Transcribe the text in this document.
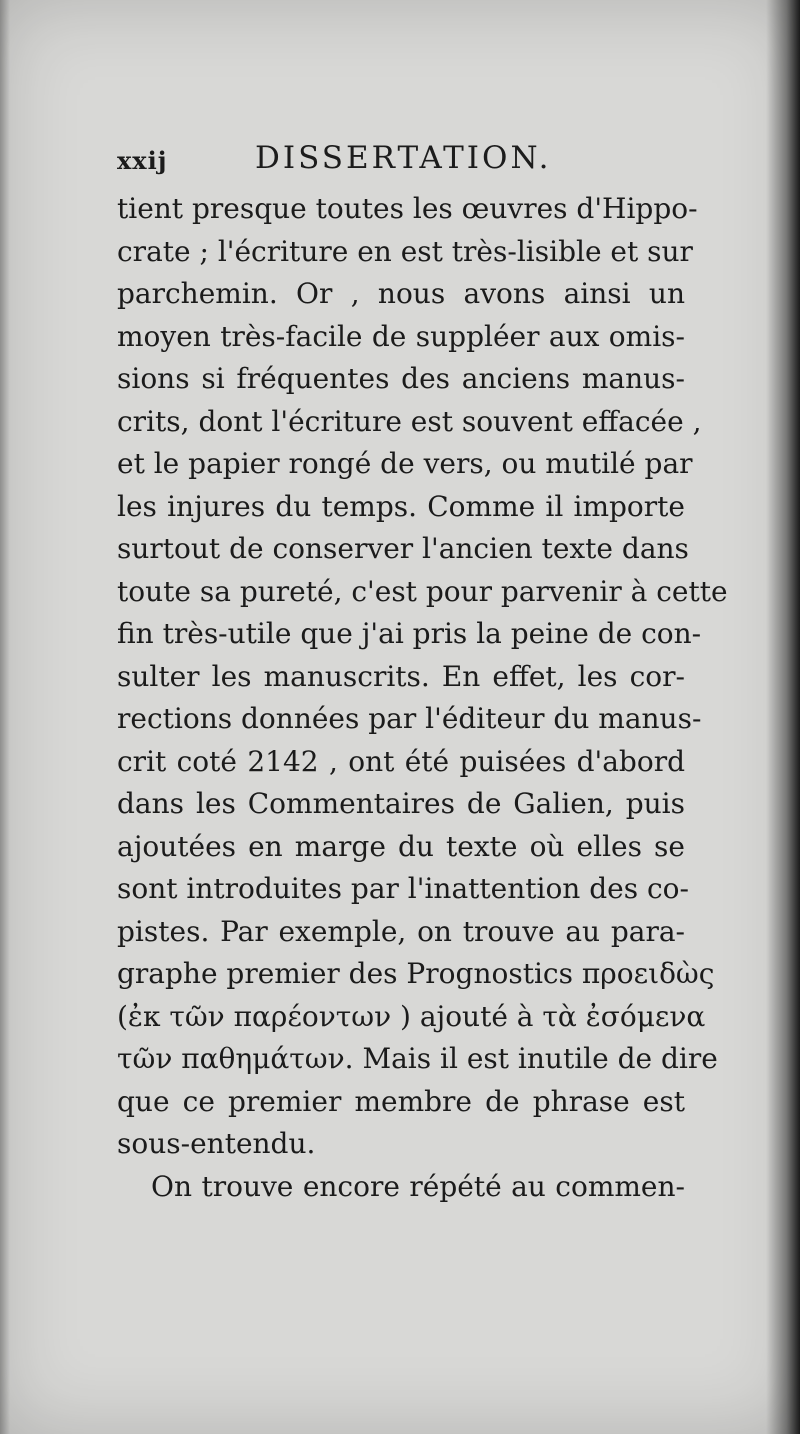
xxij	DISSERTATION.
tient presque toutes les œuvres d'Hippo-
crate ; l'écriture en est très-lisible et sur
parchemin. Or , nous avons ainsi un
moyen très-facile de suppléer aux omis-
sions si fréquentes des anciens manus-
crits, dont l'écriture est souvent effacée ,
et le papier rongé de vers, ou mutilé par
les injures du temps. Comme il importe
surtout de conserver l'ancien texte dans
toute sa pureté, c'est pour parvenir à cette
fin très-utile que j'ai pris la peine de con-
sulter les manuscrits. En effet, les cor-
rections données par l'éditeur du manus-
crit coté 2142 , ont été puisées d'abord
dans les Commentaires de Galien, puis
ajoutées en marge du texte où elles se
sont introduites par l'inattention des co-
pistes. Par exemple, on trouve au para-
graphe premier des Prognostics προειδὼς
(ἐκ τῶν παρέοντων ) ajouté à τὰ ἐσόμενα
τῶν παθημάτων. Mais il est inutile de dire
que ce premier membre de phrase est
sous-entendu.
On trouve encore répété au commen-
